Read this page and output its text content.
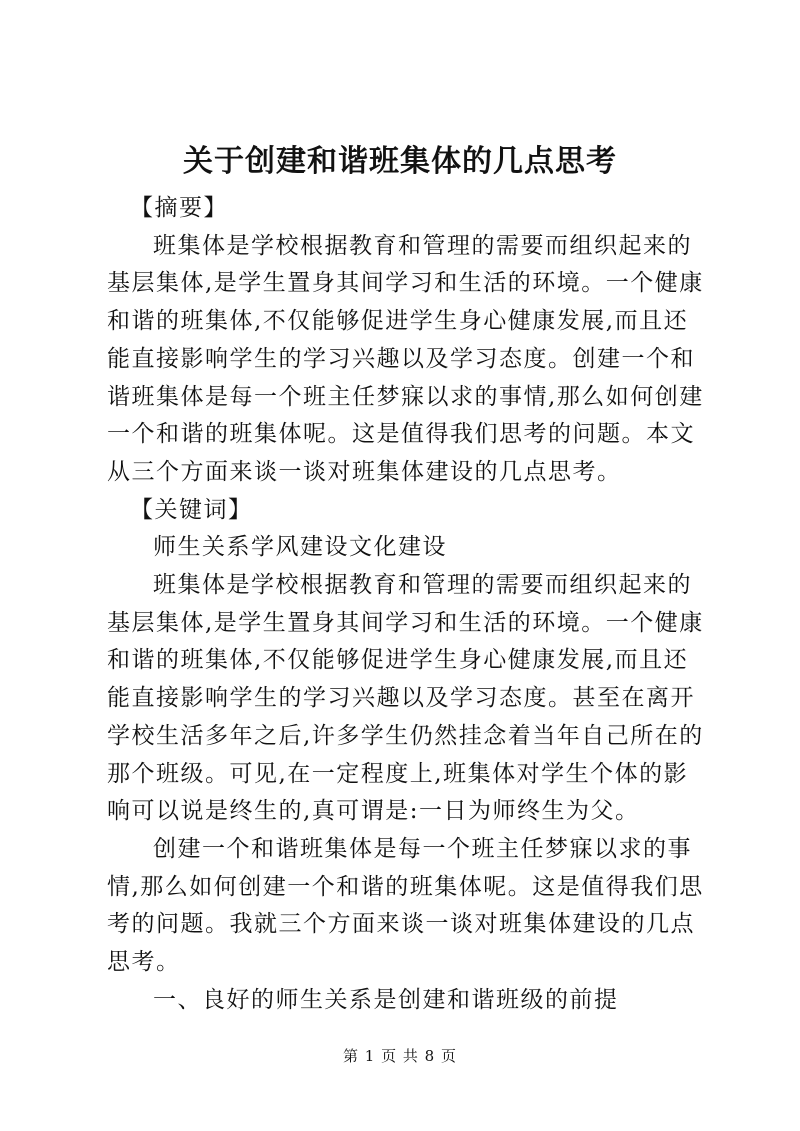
关于创建和谐班集体的几点思考

【摘要】

班集体是学校根据教育和管理的需要而组织起来的基层集体,是学生置身其间学习和生活的环境。一个健康和谐的班集体,不仅能够促进学生身心健康发展,而且还能直接影响学生的学习兴趣以及学习态度。创建一个和谐班集体是每一个班主任梦寐以求的事情,那么如何创建一个和谐的班集体呢。这是值得我们思考的问题。本文从三个方面来谈一谈对班集体建设的几点思考。

【关键词】

师生关系学风建设文化建设

班集体是学校根据教育和管理的需要而组织起来的基层集体,是学生置身其间学习和生活的环境。一个健康和谐的班集体,不仅能够促进学生身心健康发展,而且还能直接影响学生的学习兴趣以及学习态度。甚至在离开学校生活多年之后,许多学生仍然挂念着当年自己所在的那个班级。可见,在一定程度上,班集体对学生个体的影响可以说是终生的,真可谓是:一日为师终生为父。

创建一个和谐班集体是每一个班主任梦寐以求的事情,那么如何创建一个和谐的班集体呢。这是值得我们思考的问题。我就三个方面来谈一谈对班集体建设的几点思考。

一、良好的师生关系是创建和谐班级的前提

第 1 页 共 8 页
